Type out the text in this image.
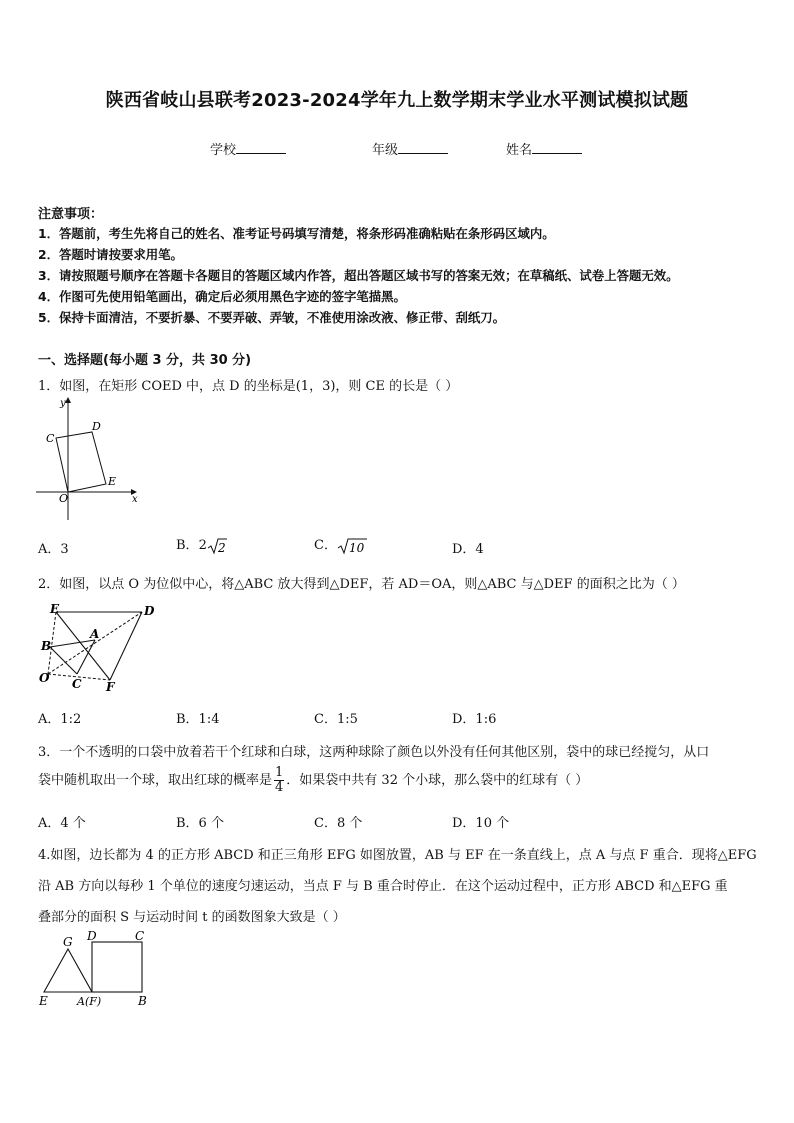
陕西省岐山县联考2023-2024学年九上数学期末学业水平测试模拟试题
学校	年级	姓名
注意事项：
1．答题前，考生先将自己的姓名、准考证号码填写清楚，将条形码准确粘贴在条形码区域内。
2．答题时请按要求用笔。
3．请按照题号顺序在答题卡各题目的答题区域内作答，超出答题区域书写的答案无效；在草稿纸、试卷上答题无效。
4．作图可先使用铅笔画出，确定后必须用黑色字迹的签字笔描黑。
5．保持卡面清洁，不要折暴、不要弄破、弄皱，不准使用涂改液、修正带、刮纸刀。
一、选择题(每小题 3 分，共 30 分)
1．如图，在矩形 COED 中，点 D 的坐标是(1，3)，则 CE 的长是（ ）
y
x
C
D
O
E
A．3	B．2 2	C． 10	D．4
2．如图，以点 O 为位似中心，将△ABC 放大得到△DEF，若 AD＝OA，则△ABC 与△DEF 的面积之比为（ ）
E	D
B
A
O C F
A．1:2	B．1:4	C．1:5	D．1:6
3．一个不透明的口袋中放着若干个红球和白球，这两种球除了颜色以外没有任何其他区别，袋中的球已经搅匀，从口
袋中随机取出一个球，取出红球的概率是 $\frac{1}{4}$ ．如果袋中共有 32 个小球，那么袋中的红球有（ ）
A．4 个	B．6 个	C．8 个	D．10 个
4.如图，边长都为 4 的正方形 ABCD 和正三角形 EFG 如图放置，AB 与 EF 在一条直线上，点 A 与点 F 重合．现将△EFG
沿 AB 方向以每秒 1 个单位的速度匀速运动，当点 F 与 B 重合时停止．在这个运动过程中，正方形 ABCD 和△EFG 重
叠部分的面积 S 与运动时间 t 的函数图象大致是（ ）
G D	C
E	A(F)	B
